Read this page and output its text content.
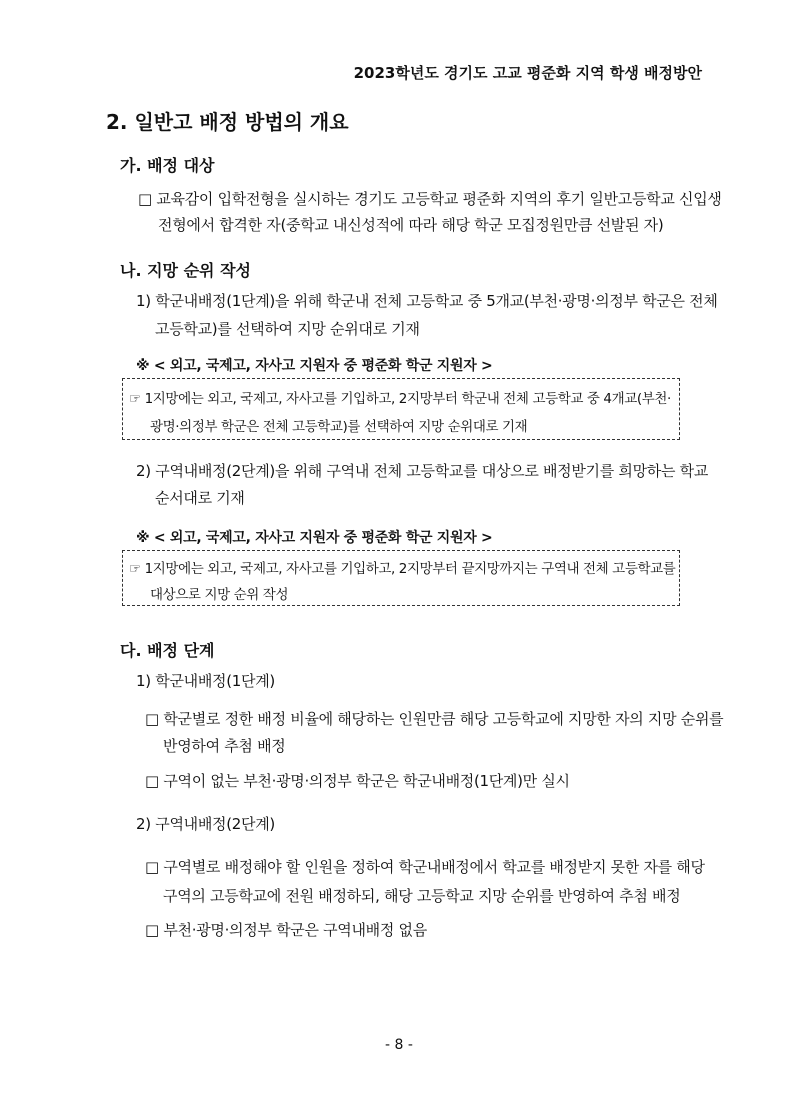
2023학년도 경기도 고교 평준화 지역 학생 배정방안
2. 일반고 배정 방법의 개요
가. 배정 대상
□ 교육감이 입학전형을 실시하는 경기도 고등학교 평준화 지역의 후기 일반고등학교 신입생
전형에서 합격한 자(중학교 내신성적에 따라 해당 학군 모집정원만큼 선발된 자)
나. 지망 순위 작성
1) 학군내배정(1단계)을 위해 학군내 전체 고등학교 중 5개교(부천·광명·의정부 학군은 전체
고등학교)를 선택하여 지망 순위대로 기재
※ < 외고, 국제고, 자사고 지원자 중 평준화 학군 지원자 >
☞ 1지망에는 외고, 국제고, 자사고를 기입하고, 2지망부터 학군내 전체 고등학교 중 4개교(부천·
광명·의정부 학군은 전체 고등학교)를 선택하여 지망 순위대로 기재
2) 구역내배정(2단계)을 위해 구역내 전체 고등학교를 대상으로 배정받기를 희망하는 학교
순서대로 기재
※ < 외고, 국제고, 자사고 지원자 중 평준화 학군 지원자 >
☞ 1지망에는 외고, 국제고, 자사고를 기입하고, 2지망부터 끝지망까지는 구역내 전체 고등학교를
대상으로 지망 순위 작성
다. 배정 단계
1) 학군내배정(1단계)
□ 학군별로 정한 배정 비율에 해당하는 인원만큼 해당 고등학교에 지망한 자의 지망 순위를
반영하여 추첨 배정
□ 구역이 없는 부천·광명·의정부 학군은 학군내배정(1단계)만 실시
2) 구역내배정(2단계)
□ 구역별로 배정해야 할 인원을 정하여 학군내배정에서 학교를 배정받지 못한 자를 해당
구역의 고등학교에 전원 배정하되, 해당 고등학교 지망 순위를 반영하여 추첨 배정
□ 부천·광명·의정부 학군은 구역내배정 없음
- 8 -
